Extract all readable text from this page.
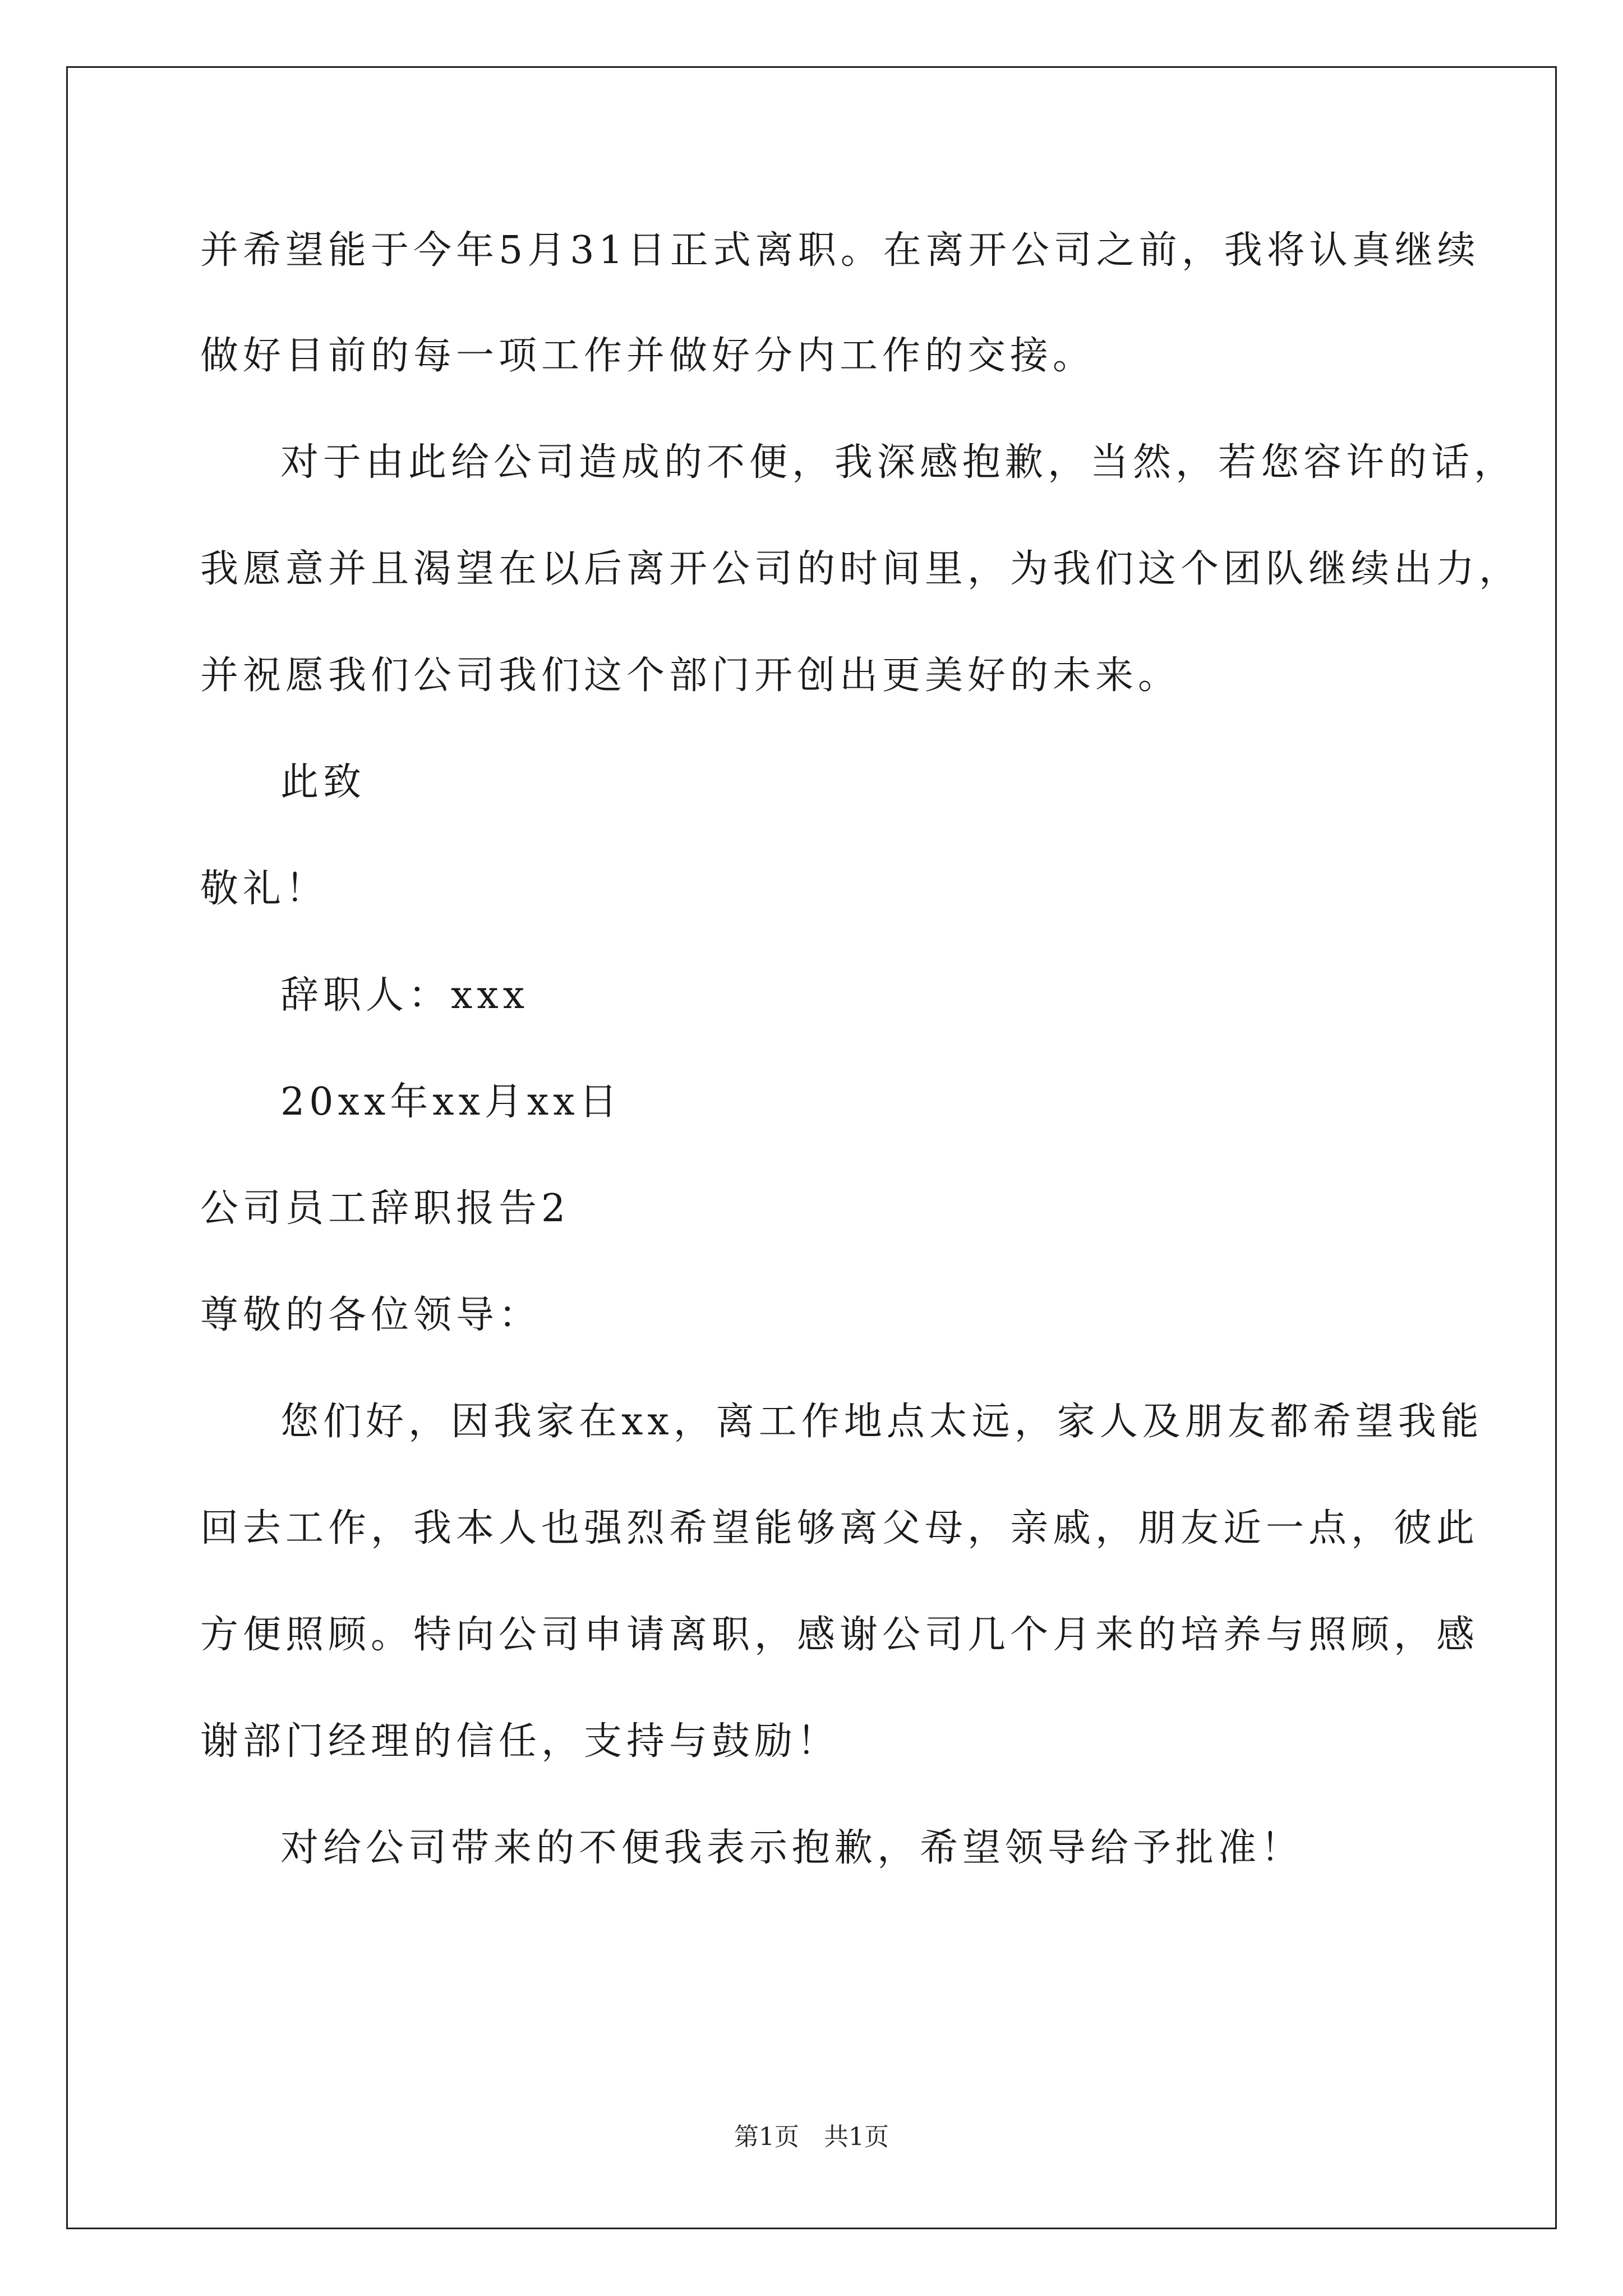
并希望能于今年5月31日正式离职。在离开公司之前，我将认真继续
做好目前的每一项工作并做好分内工作的交接。
对于由此给公司造成的不便，我深感抱歉，当然，若您容许的话，
我愿意并且渴望在以后离开公司的时间里，为我们这个团队继续出力，
并祝愿我们公司我们这个部门开创出更美好的未来。
此致
敬礼！
辞职人：xxx
20xx年xx月xx日
公司员工辞职报告2
尊敬的各位领导：
您们好，因我家在xx，离工作地点太远，家人及朋友都希望我能
回去工作，我本人也强烈希望能够离父母，亲戚，朋友近一点，彼此
方便照顾。特向公司申请离职，感谢公司几个月来的培养与照顾，感
谢部门经理的信任，支持与鼓励！
对给公司带来的不便我表示抱歉，希望领导给予批准！
第1页　共1页
